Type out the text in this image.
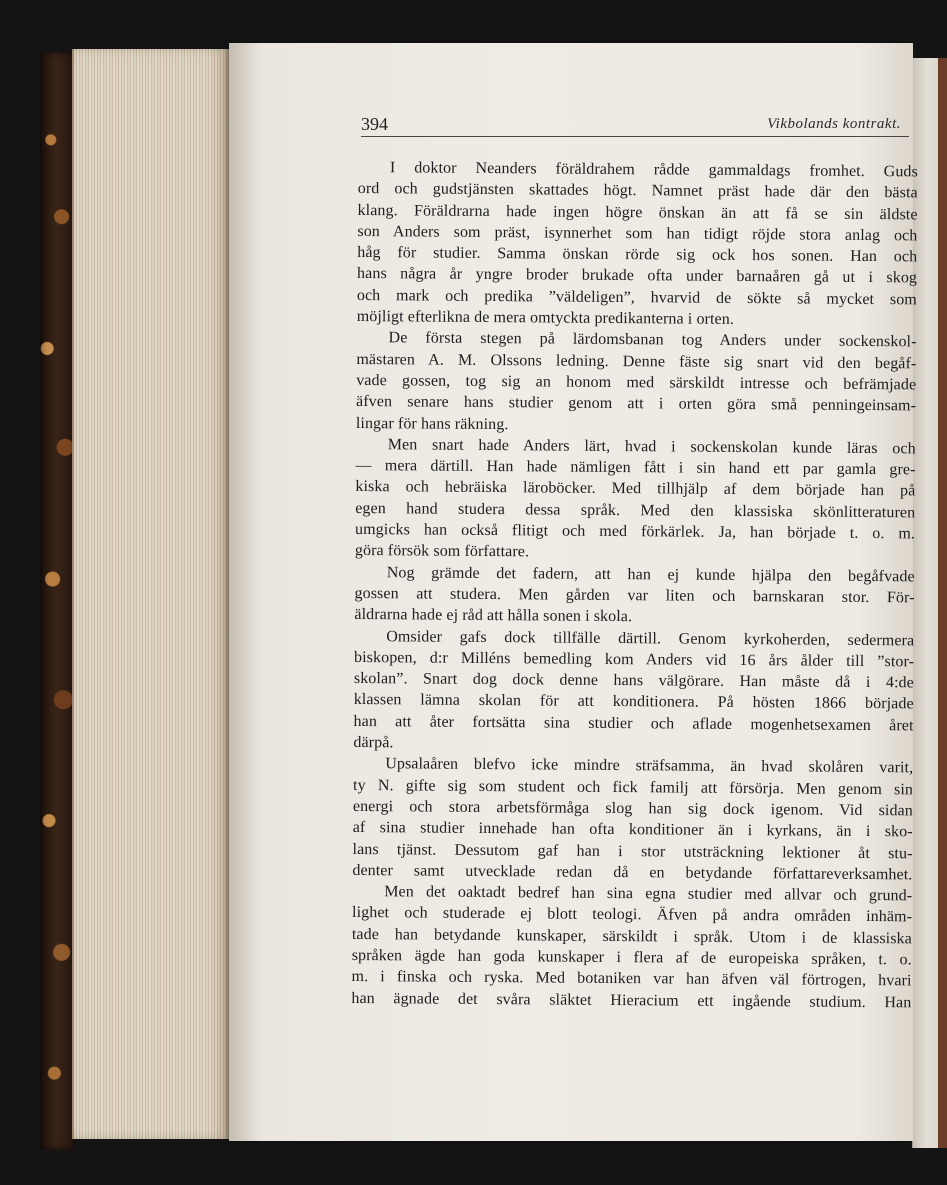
394	Vikbolands kontrakt.
I doktor Neanders föräldrahem rådde gammaldags fromhet. Guds
ord och gudstjänsten skattades högt. Namnet präst hade där den bästa
klang. Föräldrarna hade ingen högre önskan än att få se sin äldste
son Anders som präst, isynnerhet som han tidigt röjde stora anlag och
håg för studier. Samma önskan rörde sig ock hos sonen. Han och
hans några år yngre broder brukade ofta under barnaåren gå ut i skog
och mark och predika ”väldeligen”, hvarvid de sökte så mycket som
möjligt efterlikna de mera omtyckta predikanterna i orten.
De första stegen på lärdomsbanan tog Anders under sockenskol-
mästaren A. M. Olssons ledning. Denne fäste sig snart vid den begåf-
vade gossen, tog sig an honom med särskildt intresse och befrämjade
äfven senare hans studier genom att i orten göra små penningeinsam-
lingar för hans räkning.
Men snart hade Anders lärt, hvad i sockenskolan kunde läras och
— mera därtill. Han hade nämligen fått i sin hand ett par gamla gre-
kiska och hebräiska läroböcker. Med tillhjälp af dem började han på
egen hand studera dessa språk. Med den klassiska skönlitteraturen
umgicks han också flitigt och med förkärlek. Ja, han började t. o. m.
göra försök som författare.
Nog grämde det fadern, att han ej kunde hjälpa den begåfvade
gossen att studera. Men gården var liten och barnskaran stor. För-
äldrarna hade ej råd att hålla sonen i skola.
Omsider gafs dock tillfälle därtill. Genom kyrkoherden, sedermera
biskopen, d:r Milléns bemedling kom Anders vid 16 års ålder till ”stor-
skolan”. Snart dog dock denne hans välgörare. Han måste då i 4:de
klassen lämna skolan för att konditionera. På hösten 1866 började
han att åter fortsätta sina studier och aflade mogenhetsexamen året
därpå.
Upsalaåren blefvo icke mindre sträfsamma, än hvad skolåren varit,
ty N. gifte sig som student och fick familj att försörja. Men genom sin
energi och stora arbetsförmåga slog han sig dock igenom. Vid sidan
af sina studier innehade han ofta konditioner än i kyrkans, än i sko-
lans tjänst. Dessutom gaf han i stor utsträckning lektioner åt stu-
denter samt utvecklade redan då en betydande författareverksamhet.
Men det oaktadt bedref han sina egna studier med allvar och grund-
lighet och studerade ej blott teologi. Äfven på andra områden inhäm-
tade han betydande kunskaper, särskildt i språk. Utom i de klassiska
språken ägde han goda kunskaper i flera af de europeiska språken, t. o.
m. i finska och ryska. Med botaniken var han äfven väl förtrogen, hvari
han ägnade det svåra släktet Hieracium ett ingående studium. Han
